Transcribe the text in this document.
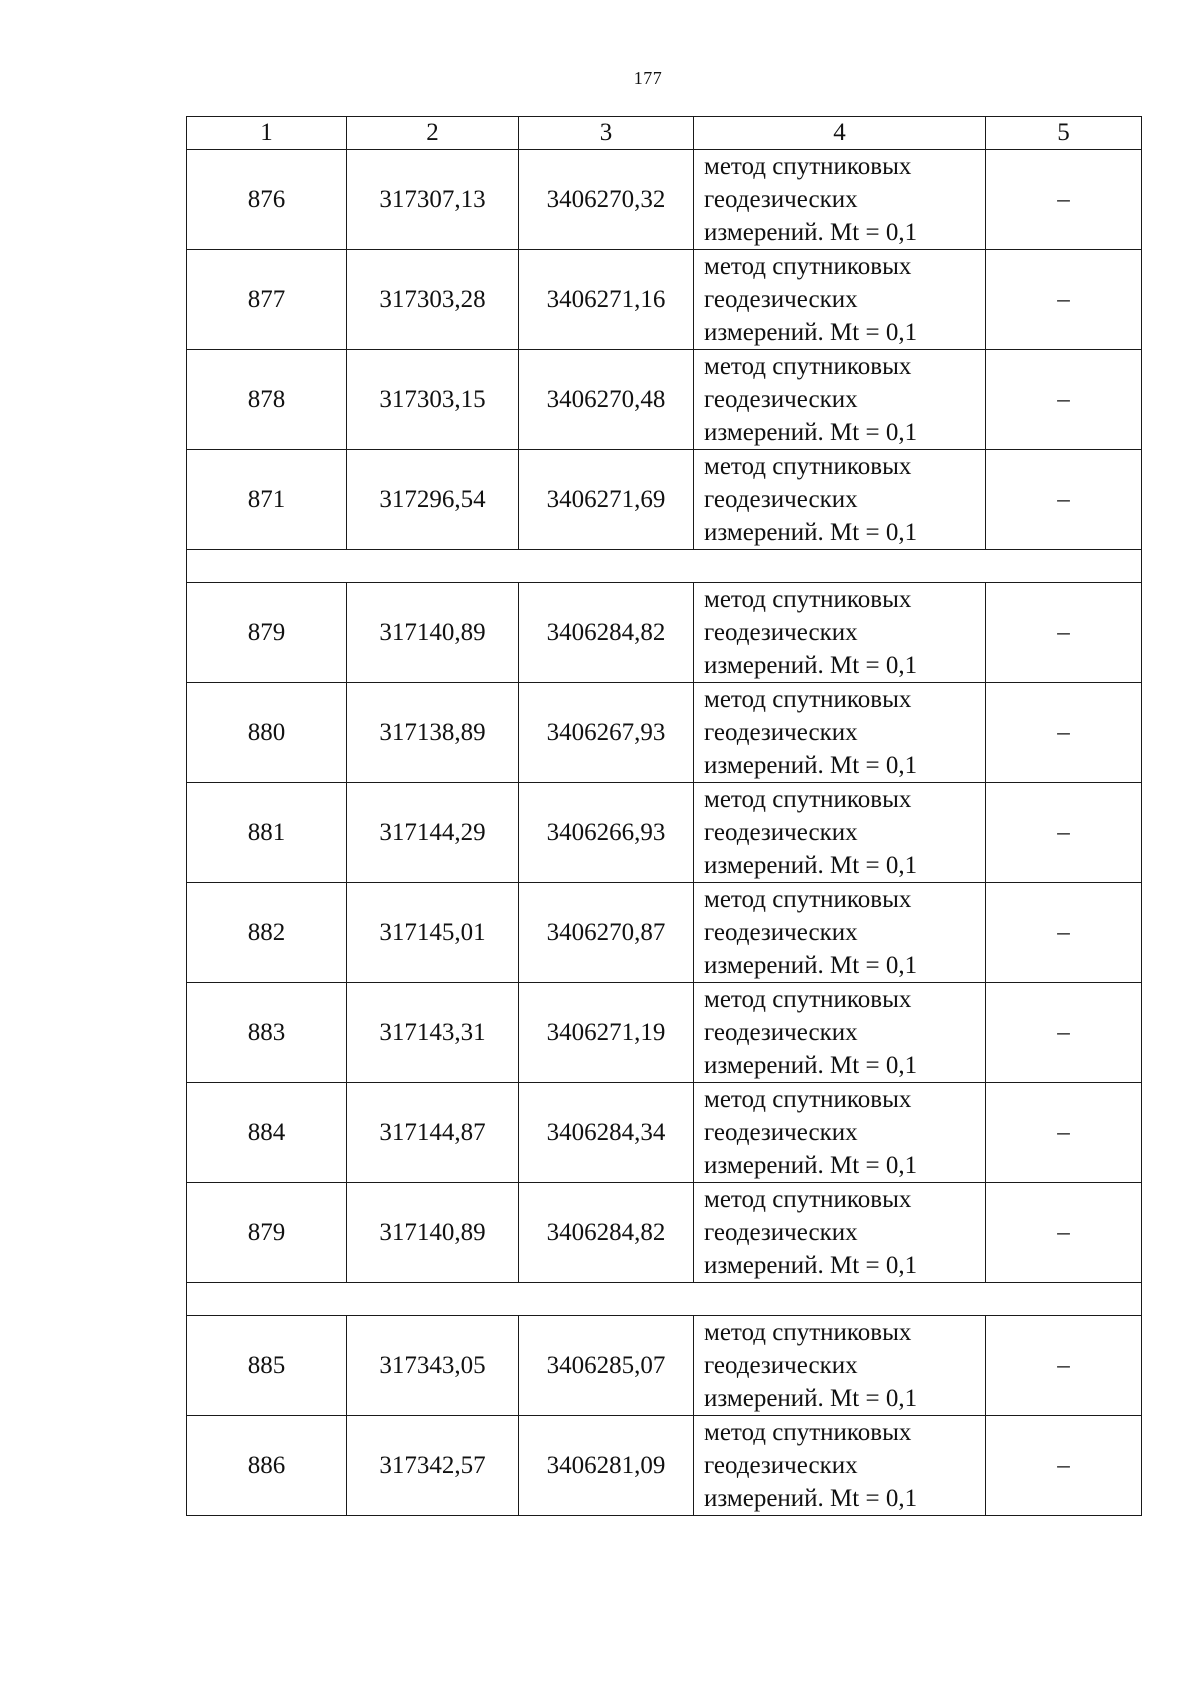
177
1	2	3	4	5
876	317307,13	3406270,32	метод спутниковых
геодезических
измерений. Mt = 0,1	–
877	317303,28	3406271,16	метод спутниковых
геодезических
измерений. Mt = 0,1	–
878	317303,15	3406270,48	метод спутниковых
геодезических
измерений. Mt = 0,1	–
871	317296,54	3406271,69	метод спутниковых
геодезических
измерений. Mt = 0,1	–

879	317140,89	3406284,82	метод спутниковых
геодезических
измерений. Mt = 0,1	–
880	317138,89	3406267,93	метод спутниковых
геодезических
измерений. Mt = 0,1	–
881	317144,29	3406266,93	метод спутниковых
геодезических
измерений. Mt = 0,1	–
882	317145,01	3406270,87	метод спутниковых
геодезических
измерений. Mt = 0,1	–
883	317143,31	3406271,19	метод спутниковых
геодезических
измерений. Mt = 0,1	–
884	317144,87	3406284,34	метод спутниковых
геодезических
измерений. Mt = 0,1	–
879	317140,89	3406284,82	метод спутниковых
геодезических
измерений. Mt = 0,1	–

885	317343,05	3406285,07	метод спутниковых
геодезических
измерений. Mt = 0,1	–
886	317342,57	3406281,09	метод спутниковых
геодезических
измерений. Mt = 0,1	–
